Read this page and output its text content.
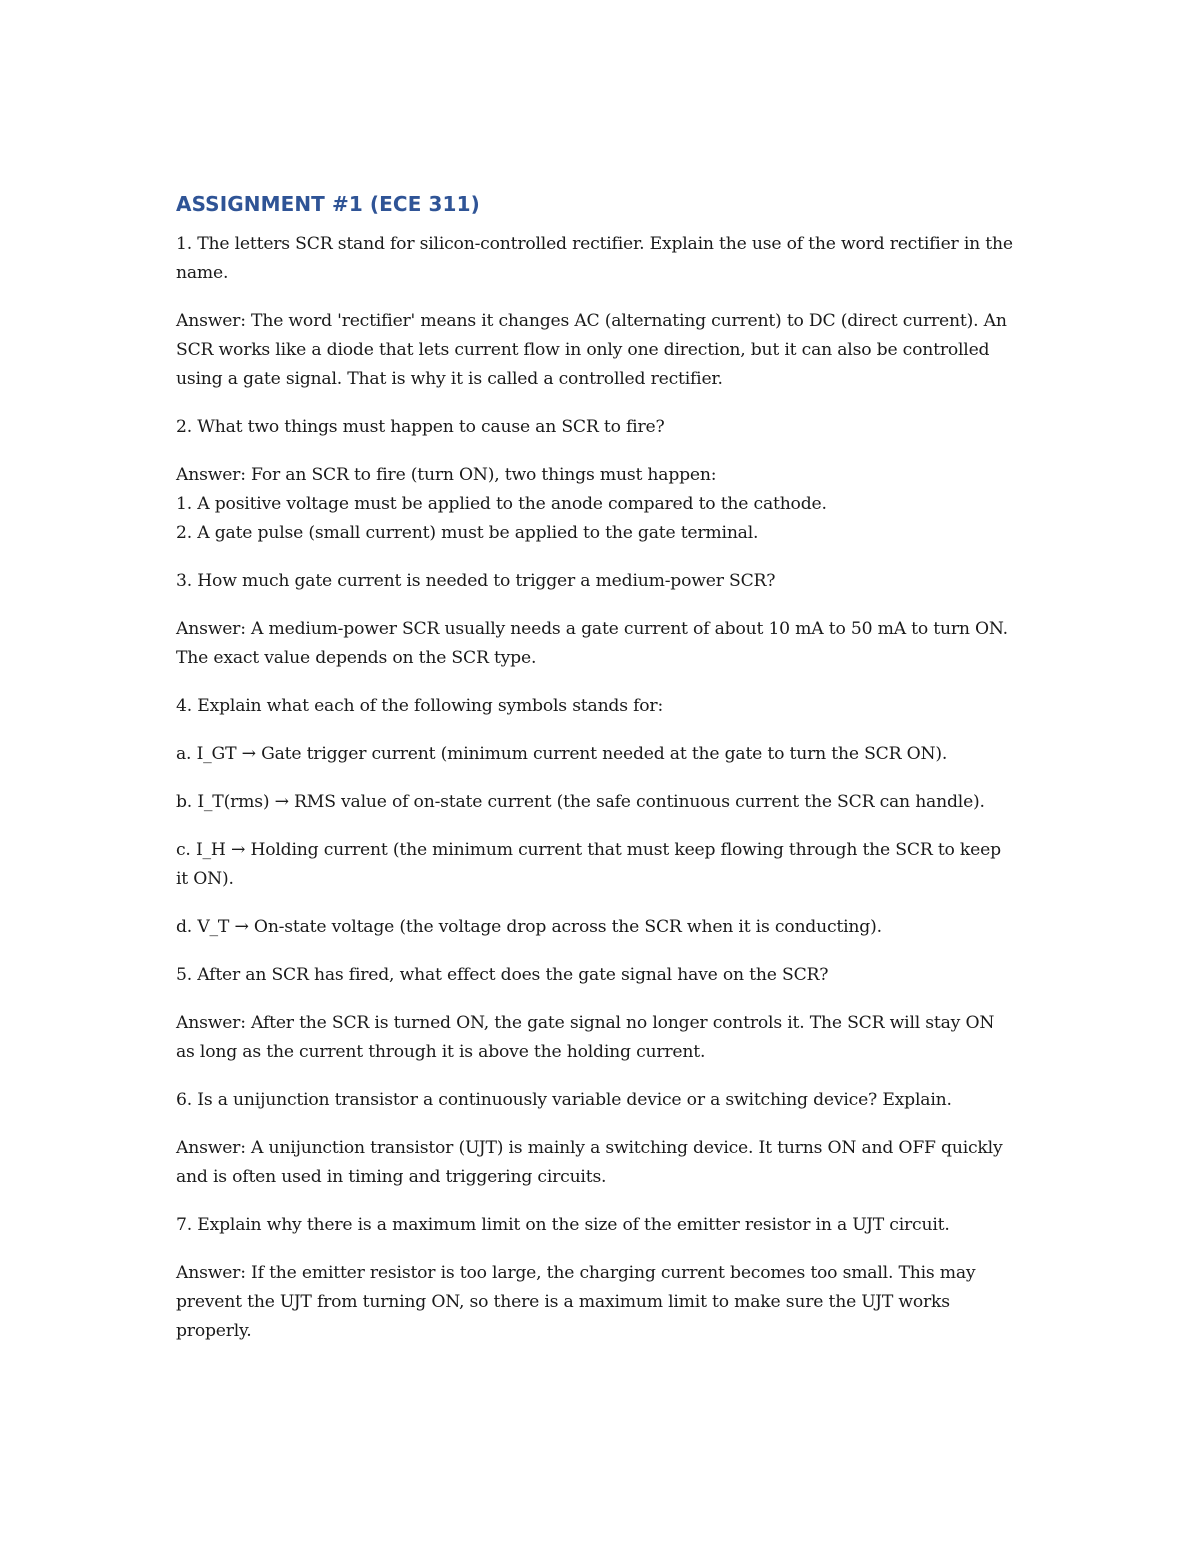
ASSIGNMENT #1 (ECE 311)

1. The letters SCR stand for silicon-controlled rectifier. Explain the use of the word rectifier in the name.

Answer: The word 'rectifier' means it changes AC (alternating current) to DC (direct current). An SCR works like a diode that lets current flow in only one direction, but it can also be controlled using a gate signal. That is why it is called a controlled rectifier.

2. What two things must happen to cause an SCR to fire?

Answer: For an SCR to fire (turn ON), two things must happen:
1. A positive voltage must be applied to the anode compared to the cathode.
2. A gate pulse (small current) must be applied to the gate terminal.

3. How much gate current is needed to trigger a medium-power SCR?

Answer: A medium-power SCR usually needs a gate current of about 10 mA to 50 mA to turn ON. The exact value depends on the SCR type.

4. Explain what each of the following symbols stands for:

a. I_GT → Gate trigger current (minimum current needed at the gate to turn the SCR ON).

b. I_T(rms) → RMS value of on-state current (the safe continuous current the SCR can handle).

c. I_H → Holding current (the minimum current that must keep flowing through the SCR to keep it ON).

d. V_T → On-state voltage (the voltage drop across the SCR when it is conducting).

5. After an SCR has fired, what effect does the gate signal have on the SCR?

Answer: After the SCR is turned ON, the gate signal no longer controls it. The SCR will stay ON as long as the current through it is above the holding current.

6. Is a unijunction transistor a continuously variable device or a switching device? Explain.

Answer: A unijunction transistor (UJT) is mainly a switching device. It turns ON and OFF quickly and is often used in timing and triggering circuits.

7. Explain why there is a maximum limit on the size of the emitter resistor in a UJT circuit.

Answer: If the emitter resistor is too large, the charging current becomes too small. This may prevent the UJT from turning ON, so there is a maximum limit to make sure the UJT works properly.
